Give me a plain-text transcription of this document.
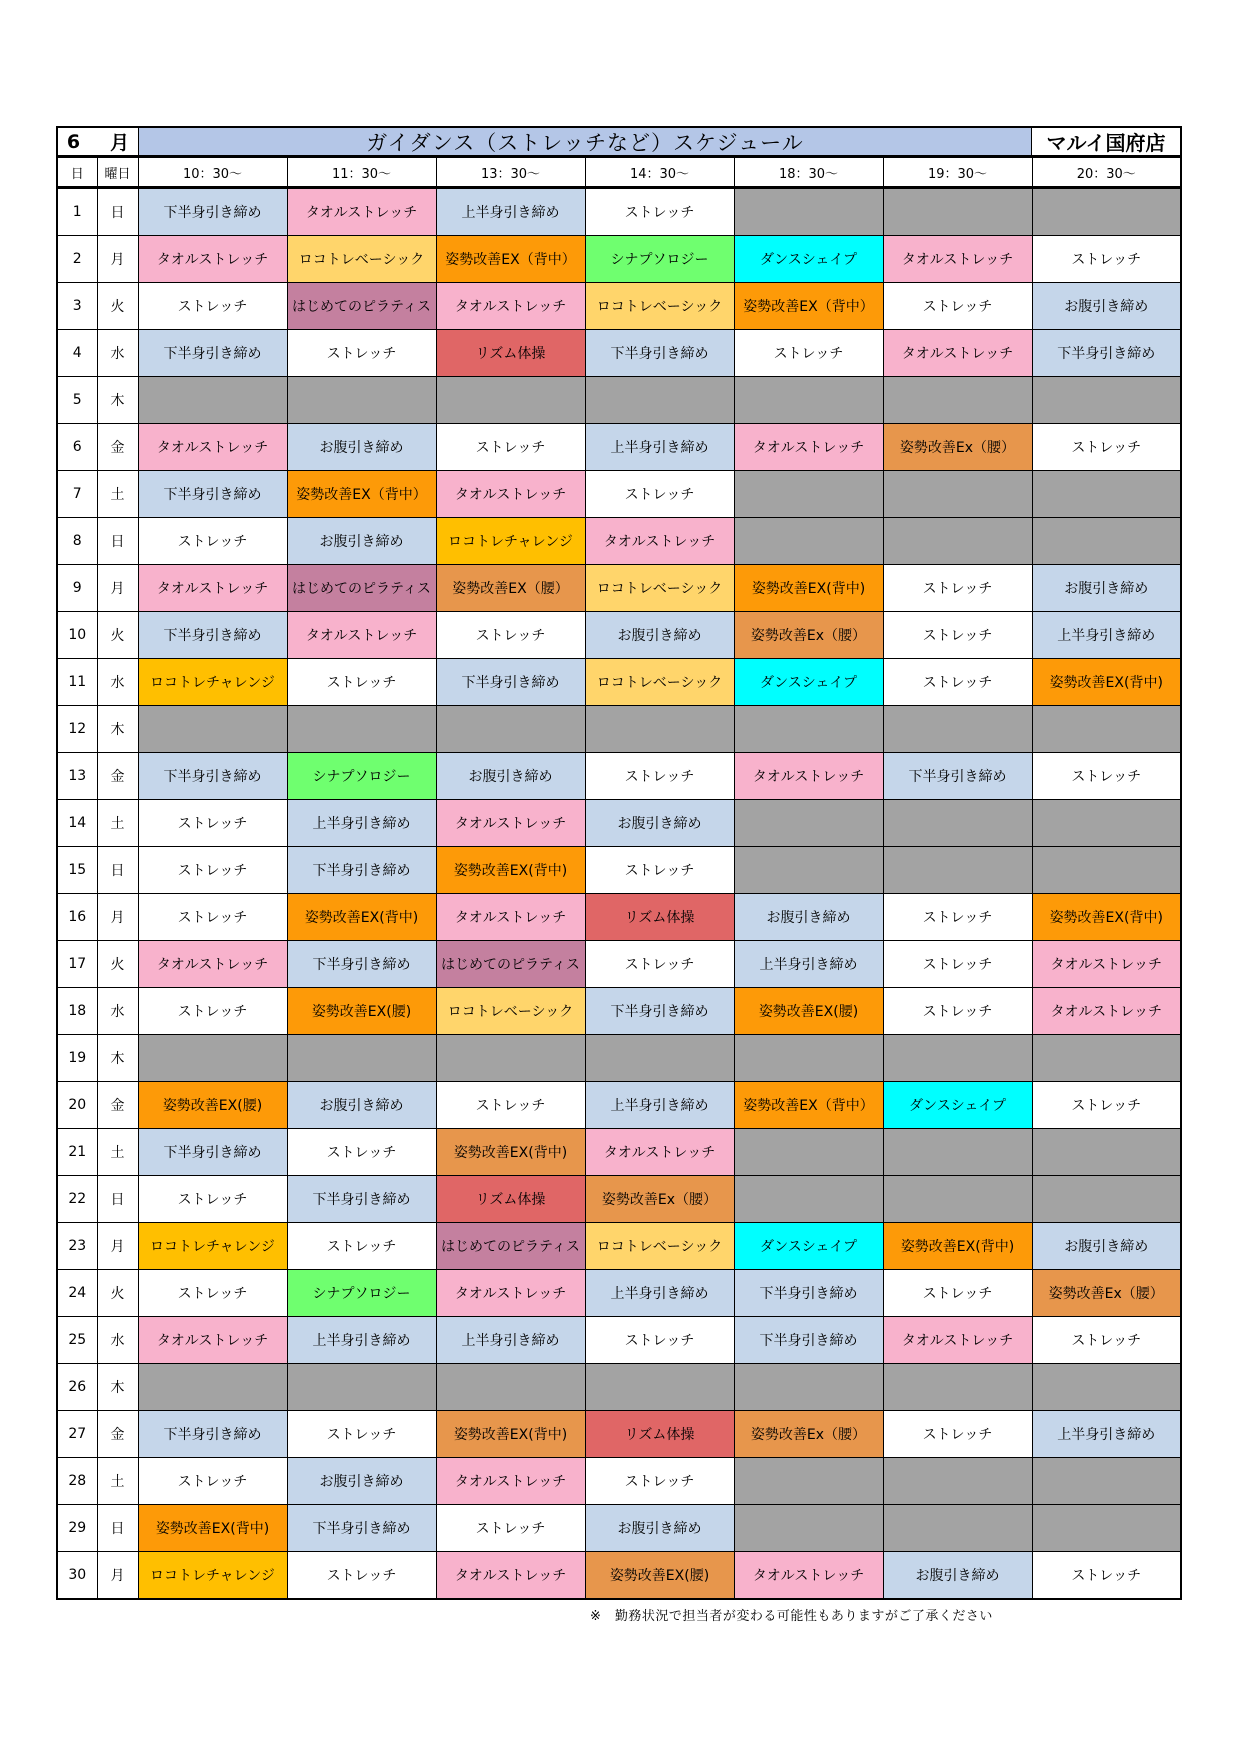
6 月	ガイダンス（ストレッチなど）スケジュール	マルイ国府店
日	曜日	10：30～	11：30～	13：30～	14：30～	18：30～	19：30～	20：30～
1	日	下半身引き締め	タオルストレッチ	上半身引き締め	ストレッチ			
2	月	タオルストレッチ	ロコトレベーシック	姿勢改善EX（背中）	シナプソロジー	ダンスシェイプ	タオルストレッチ	ストレッチ
3	火	ストレッチ	はじめてのピラティス	タオルストレッチ	ロコトレベーシック	姿勢改善EX（背中）	ストレッチ	お腹引き締め
4	水	下半身引き締め	ストレッチ	リズム体操	下半身引き締め	ストレッチ	タオルストレッチ	下半身引き締め
5	木							
6	金	タオルストレッチ	お腹引き締め	ストレッチ	上半身引き締め	タオルストレッチ	姿勢改善Ex（腰）	ストレッチ
7	土	下半身引き締め	姿勢改善EX（背中）	タオルストレッチ	ストレッチ			
8	日	ストレッチ	お腹引き締め	ロコトレチャレンジ	タオルストレッチ			
9	月	タオルストレッチ	はじめてのピラティス	姿勢改善EX（腰）	ロコトレベーシック	姿勢改善EX(背中)	ストレッチ	お腹引き締め
10	火	下半身引き締め	タオルストレッチ	ストレッチ	お腹引き締め	姿勢改善Ex（腰）	ストレッチ	上半身引き締め
11	水	ロコトレチャレンジ	ストレッチ	下半身引き締め	ロコトレベーシック	ダンスシェイプ	ストレッチ	姿勢改善EX(背中)
12	木							
13	金	下半身引き締め	シナプソロジー	お腹引き締め	ストレッチ	タオルストレッチ	下半身引き締め	ストレッチ
14	土	ストレッチ	上半身引き締め	タオルストレッチ	お腹引き締め			
15	日	ストレッチ	下半身引き締め	姿勢改善EX(背中)	ストレッチ			
16	月	ストレッチ	姿勢改善EX(背中)	タオルストレッチ	リズム体操	お腹引き締め	ストレッチ	姿勢改善EX(背中)
17	火	タオルストレッチ	下半身引き締め	はじめてのピラティス	ストレッチ	上半身引き締め	ストレッチ	タオルストレッチ
18	水	ストレッチ	姿勢改善EX(腰)	ロコトレベーシック	下半身引き締め	姿勢改善EX(腰)	ストレッチ	タオルストレッチ
19	木							
20	金	姿勢改善EX(腰)	お腹引き締め	ストレッチ	上半身引き締め	姿勢改善EX（背中）	ダンスシェイプ	ストレッチ
21	土	下半身引き締め	ストレッチ	姿勢改善EX(背中)	タオルストレッチ			
22	日	ストレッチ	下半身引き締め	リズム体操	姿勢改善Ex（腰）			
23	月	ロコトレチャレンジ	ストレッチ	はじめてのピラティス	ロコトレベーシック	ダンスシェイプ	姿勢改善EX(背中)	お腹引き締め
24	火	ストレッチ	シナプソロジー	タオルストレッチ	上半身引き締め	下半身引き締め	ストレッチ	姿勢改善Ex（腰）
25	水	タオルストレッチ	上半身引き締め	上半身引き締め	ストレッチ	下半身引き締め	タオルストレッチ	ストレッチ
26	木							
27	金	下半身引き締め	ストレッチ	姿勢改善EX(背中)	リズム体操	姿勢改善Ex（腰）	ストレッチ	上半身引き締め
28	土	ストレッチ	お腹引き締め	タオルストレッチ	ストレッチ			
29	日	姿勢改善EX(背中)	下半身引き締め	ストレッチ	お腹引き締め			
30	月	ロコトレチャレンジ	ストレッチ	タオルストレッチ	姿勢改善EX(腰)	タオルストレッチ	お腹引き締め	ストレッチ
※　勤務状況で担当者が変わる可能性もありますがご了承ください
